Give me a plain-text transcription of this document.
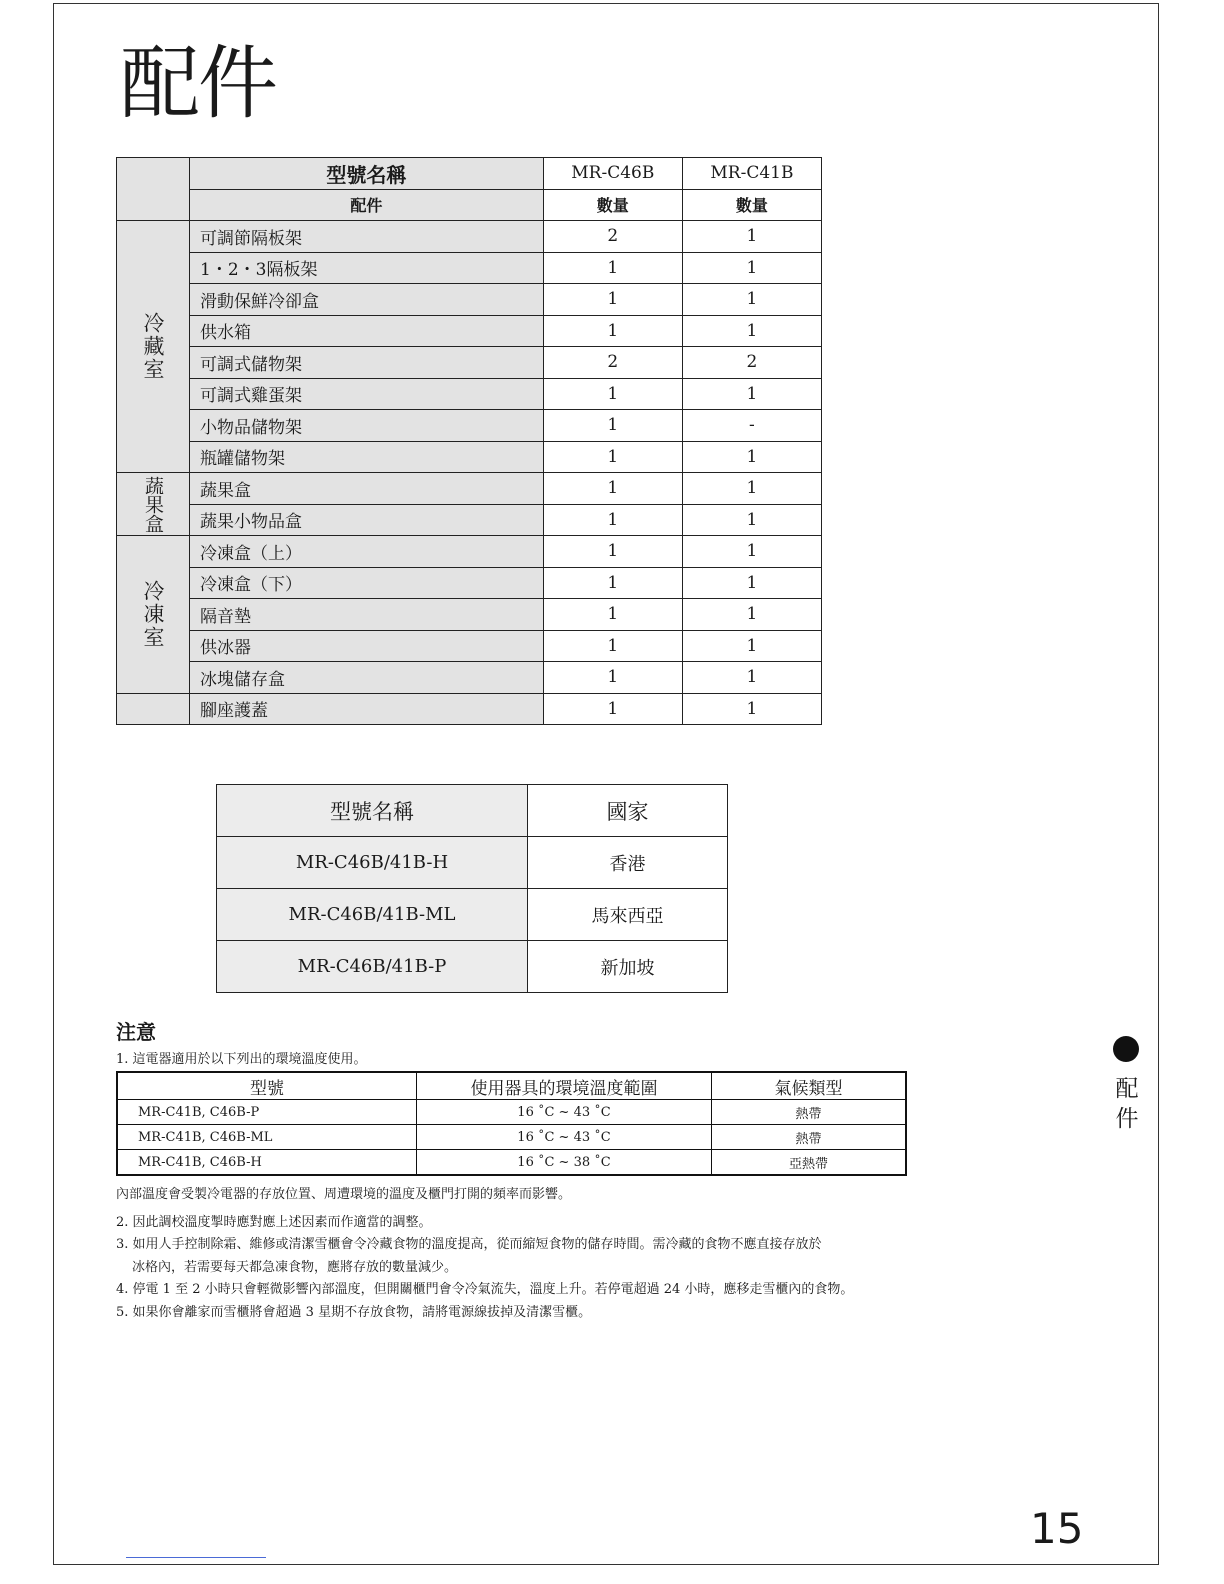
配件
	型號名稱	MR-C46B	MR-C41B
	配件	數量	數量
冷藏室	可調節隔板架	2	1
	1・2・3隔板架	1	1
	滑動保鮮冷卻盒	1	1
	供水箱	1	1
	可調式儲物架	2	2
	可調式雞蛋架	1	1
	小物品儲物架	1	-
	瓶罐儲物架	1	1
蔬果盒	蔬果盒	1	1
	蔬果小物品盒	1	1
冷凍室	冷凍盒（上）	1	1
	冷凍盒（下）	1	1
	隔音墊	1	1
	供冰器	1	1
	冰塊儲存盒	1	1
	腳座護蓋	1	1
型號名稱	國家
MR-C46B/41B-H	香港
MR-C46B/41B-ML	馬來西亞
MR-C46B/41B-P	新加坡
注意
1. 這電器適用於以下列出的環境溫度使用。
型號	使用器具的環境溫度範圍	氣候類型
MR-C41B, C46B-P	16 ˚C ~ 43 ˚C	熱帶
MR-C41B, C46B-ML	16 ˚C ~ 43 ˚C	熱帶
MR-C41B, C46B-H	16 ˚C ~ 38 ˚C	亞熱帶
內部溫度會受製冷電器的存放位置、周遭環境的溫度及櫃門打開的頻率而影響。
2. 因此調校溫度掣時應對應上述因素而作適當的調整。
3. 如用人手控制除霜、維修或清潔雪櫃會令冷藏食物的溫度提高，從而縮短食物的儲存時間。需冷藏的食物不應直接存放於
冰格內，若需要每天都急凍食物，應將存放的數量減少。
4. 停電 1 至 2 小時只會輕微影響內部溫度，但開關櫃門會令冷氣流失，溫度上升。若停電超過 24 小時，應移走雪櫃內的食物。
5. 如果你會離家而雪櫃將會超過 3 星期不存放食物，請將電源線拔掉及清潔雪櫃。
配
件
15
